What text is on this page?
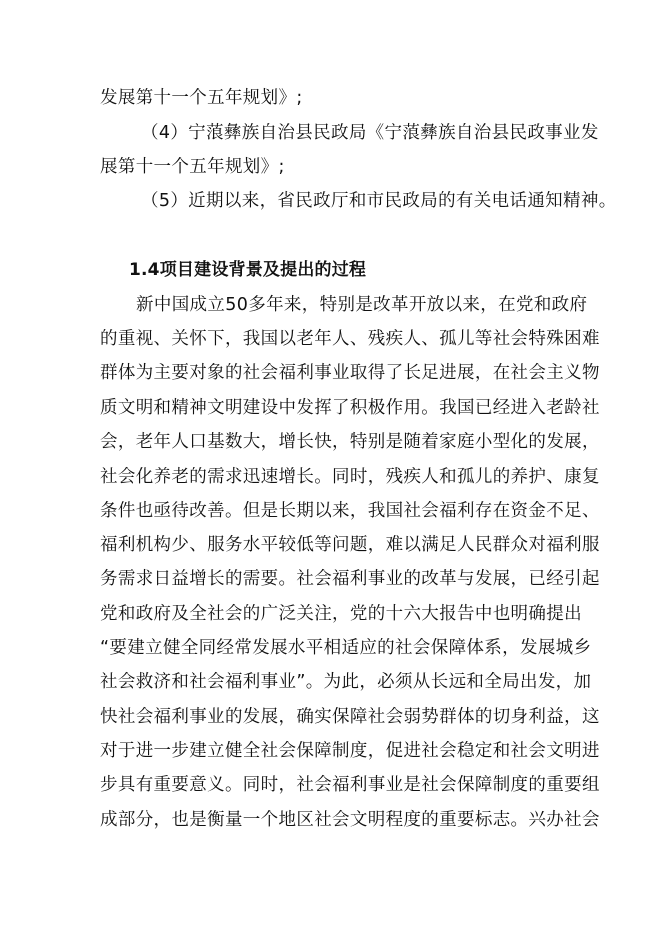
发展第十一个五年规划》;
（4）宁蒗彝族自治县民政局《宁蒗彝族自治县民政事业发
展第十一个五年规划》;
（5）近期以来，省民政厅和市民政局的有关电话通知精神。
1.4项目建设背景及提出的过程
新中国成立50多年来，特别是改革开放以来，在党和政府
的重视、关怀下，我国以老年人、残疾人、孤儿等社会特殊困难
群体为主要对象的社会福利事业取得了长足进展，在社会主义物
质文明和精神文明建设中发挥了积极作用。我国已经进入老龄社
会，老年人口基数大，增长快，特别是随着家庭小型化的发展，
社会化养老的需求迅速增长。同时，残疾人和孤儿的养护、康复
条件也亟待改善。但是长期以来，我国社会福利存在资金不足、
福利机构少、服务水平较低等问题，难以满足人民群众对福利服
务需求日益增长的需要。社会福利事业的改革与发展，已经引起
党和政府及全社会的广泛关注，党的十六大报告中也明确提出
“要建立健全同经常发展水平相适应的社会保障体系，发展城乡
社会救济和社会福利事业”。为此，必须从长远和全局出发，加
快社会福利事业的发展，确实保障社会弱势群体的切身利益，这
对于进一步建立健全社会保障制度，促进社会稳定和社会文明进
步具有重要意义。同时，社会福利事业是社会保障制度的重要组
成部分，也是衡量一个地区社会文明程度的重要标志。兴办社会
